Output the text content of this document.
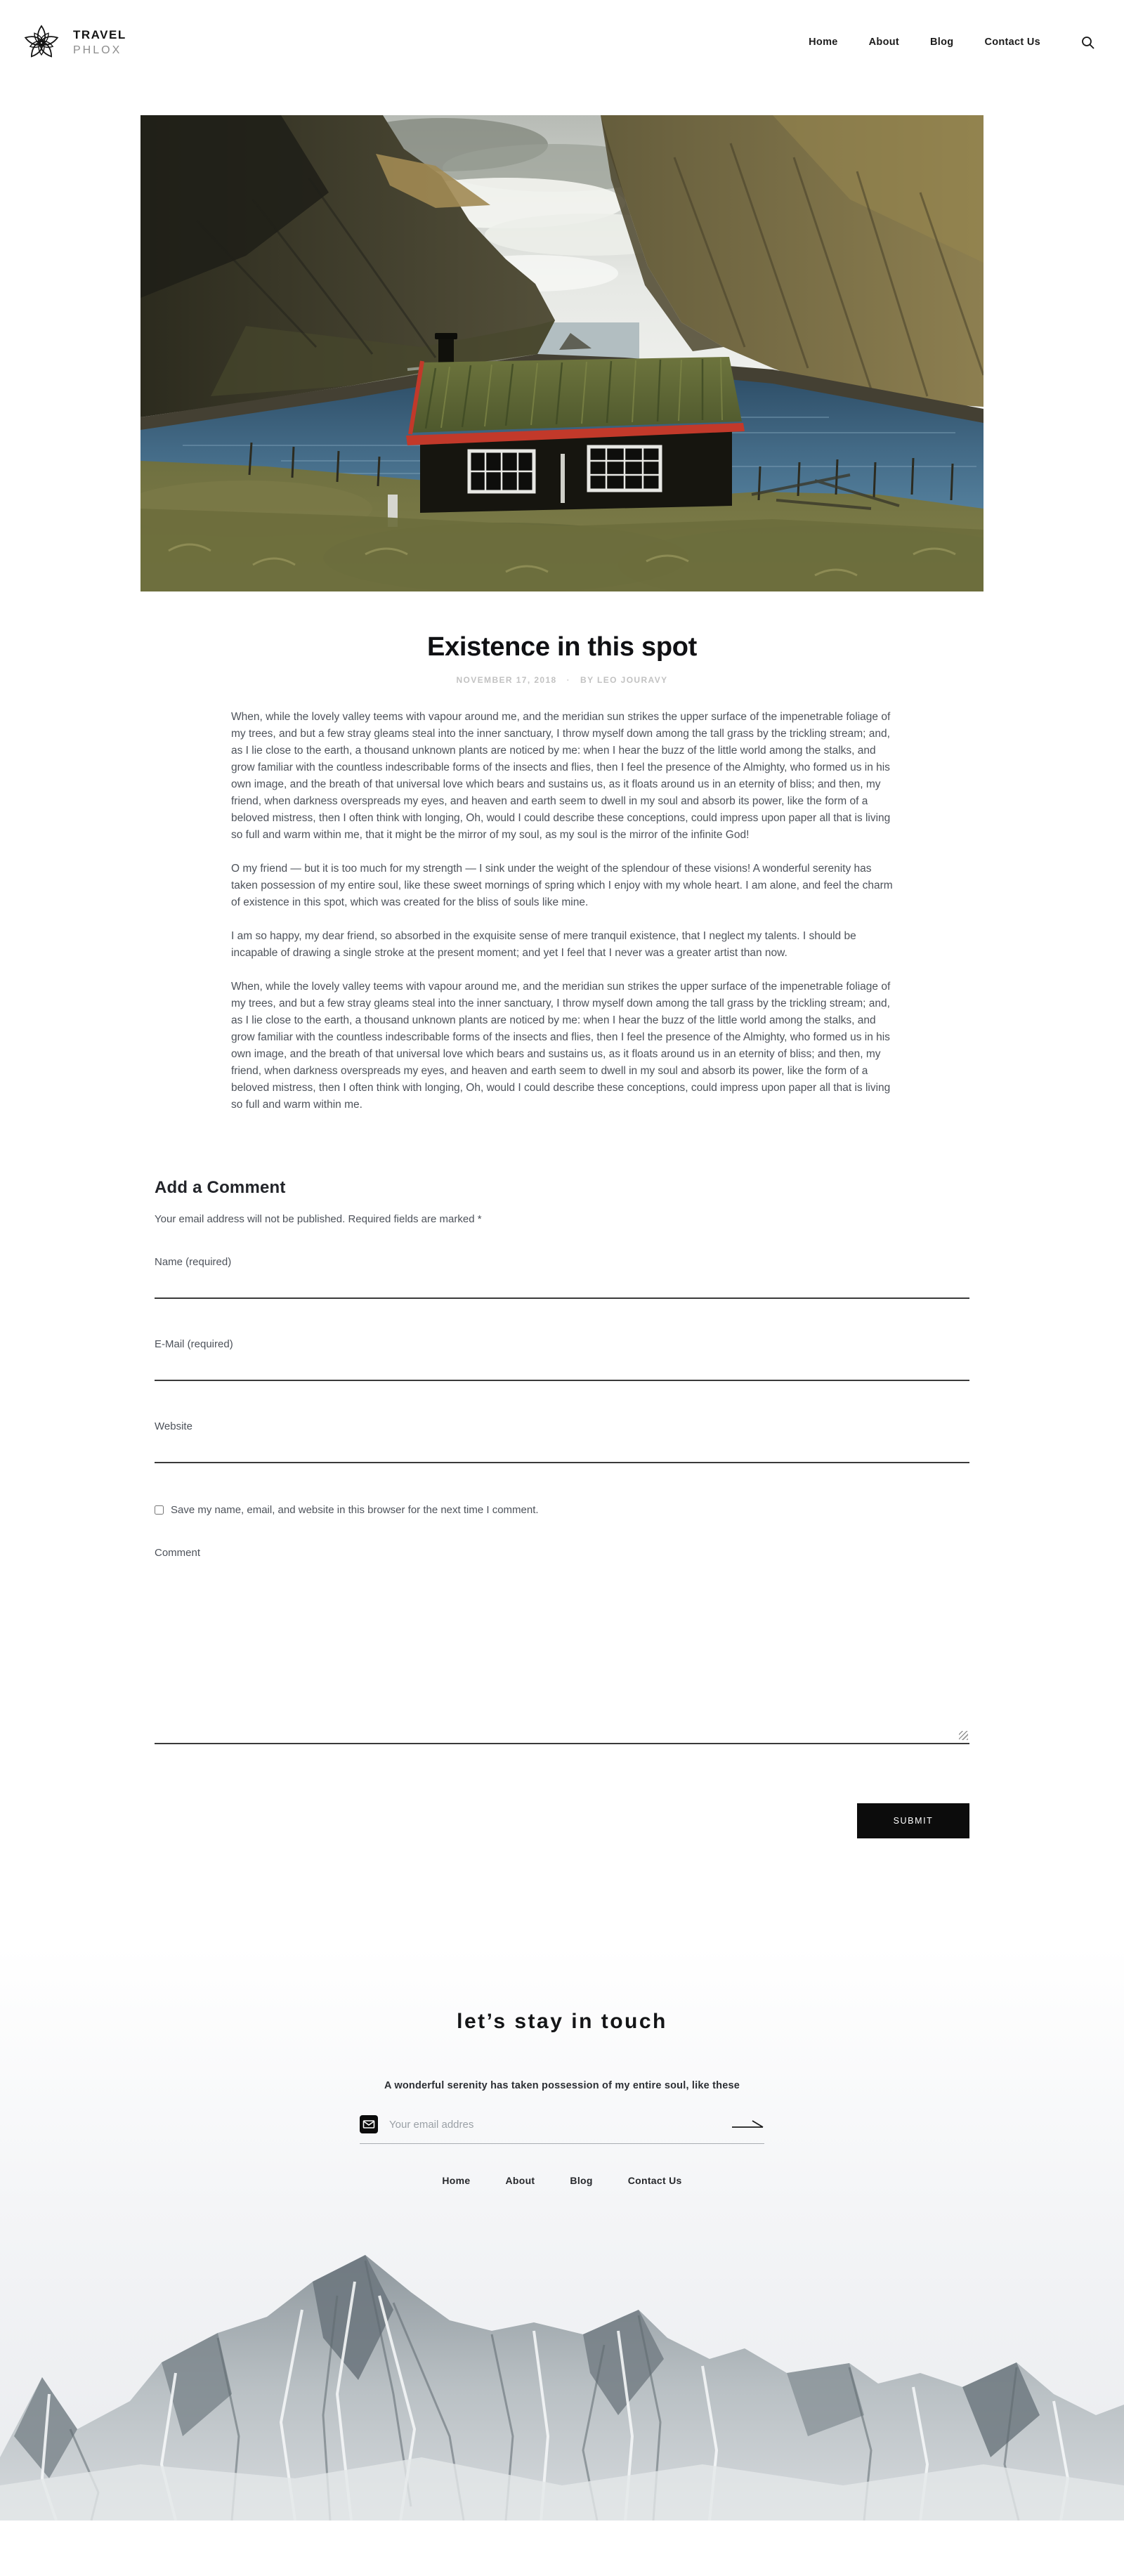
TRAVEL
PHLOX
Home	About	Blog	Contact Us
Existence in this spot
NOVEMBER 17, 2018 · BY LEO JOURAVY

When, while the lovely valley teems with vapour around me, and the meridian sun strikes the upper surface of the impenetrable foliage of my trees, and but a few stray gleams steal into the inner sanctuary, I throw myself down among the tall grass by the trickling stream; and, as I lie close to the earth, a thousand unknown plants are noticed by me: when I hear the buzz of the little world among the stalks, and grow familiar with the countless indescribable forms of the insects and flies, then I feel the presence of the Almighty, who formed us in his own image, and the breath of that universal love which bears and sustains us, as it floats around us in an eternity of bliss; and then, my friend, when darkness overspreads my eyes, and heaven and earth seem to dwell in my soul and absorb its power, like the form of a beloved mistress, then I often think with longing, Oh, would I could describe these conceptions, could impress upon paper all that is living so full and warm within me, that it might be the mirror of my soul, as my soul is the mirror of the infinite God!

O my friend — but it is too much for my strength — I sink under the weight of the splendour of these visions! A wonderful serenity has taken possession of my entire soul, like these sweet mornings of spring which I enjoy with my whole heart. I am alone, and feel the charm of existence in this spot, which was created for the bliss of souls like mine.

I am so happy, my dear friend, so absorbed in the exquisite sense of mere tranquil existence, that I neglect my talents. I should be incapable of drawing a single stroke at the present moment; and yet I feel that I never was a greater artist than now.

When, while the lovely valley teems with vapour around me, and the meridian sun strikes the upper surface of the impenetrable foliage of my trees, and but a few stray gleams steal into the inner sanctuary, I throw myself down among the tall grass by the trickling stream; and, as I lie close to the earth, a thousand unknown plants are noticed by me: when I hear the buzz of the little world among the stalks, and grow familiar with the countless indescribable forms of the insects and flies, then I feel the presence of the Almighty, who formed us in his own image, and the breath of that universal love which bears and sustains us, as it floats around us in an eternity of bliss; and then, my friend, when darkness overspreads my eyes, and heaven and earth seem to dwell in my soul and absorb its power, like the form of a beloved mistress, then I often think with longing, Oh, would I could describe these conceptions, could impress upon paper all that is living so full and warm within me.

Add a Comment

Your email address will not be published. Required fields are marked *

Name (required)
E-Mail (required)
Website
Save my name, email, and website in this browser for the next time I comment.
Comment
SUBMIT
let’s stay in touch

A wonderful serenity has taken possession of my entire soul, like these

Your email addres
Home	About	Blog	Contact Us
